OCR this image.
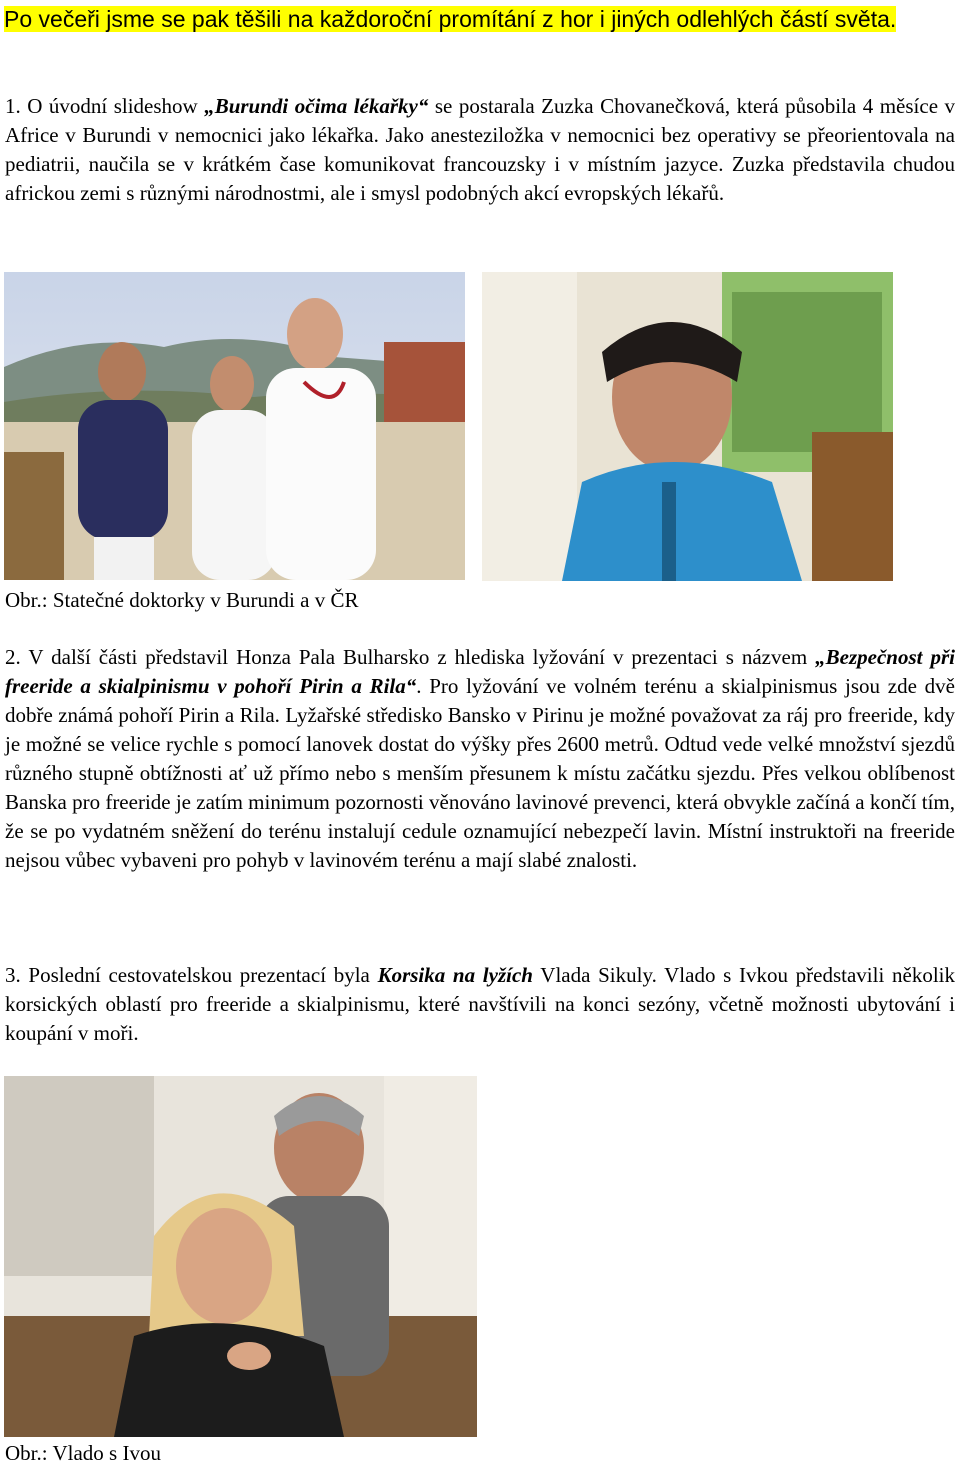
Po večeři jsme se pak těšili na každoroční promítání z hor i jiných odlehlých částí světa.
1. O úvodní slideshow „Burundi očima lékařky“ se postarala Zuzka Chovanečková, která působila 4 měsíce v Africe v Burundi v nemocnici jako lékařka. Jako anesteziložka v nemocnici bez operativy se přeorientovala na pediatrii, naučila se v krátkém čase komunikovat francouzsky i v místním jazyce. Zuzka představila chudou africkou zemi s různými národnostmi, ale i smysl podobných akcí evropských lékařů.
Obr.: Statečné doktorky v Burundi a v ČR
2. V další části představil Honza Pala Bulharsko z hlediska lyžování v prezentaci s názvem „Bezpečnost při freeride a skialpinismu v pohoří Pirin a Rila“. Pro lyžování ve volném terénu a skialpinismus jsou zde dvě dobře známá pohoří Pirin a Rila. Lyžařské středisko Bansko v Pirinu je možné považovat za ráj pro freeride, kdy je možné se velice rychle s pomocí lanovek dostat do výšky přes 2600 metrů. Odtud vede velké množství sjezdů různého stupně obtížnosti ať už přímo nebo s menším přesunem k místu začátku sjezdu. Přes velkou oblíbenost Banska pro freeride je zatím minimum pozornosti věnováno lavinové prevenci, která obvykle začíná a končí tím, že se po vydatném sněžení do terénu instalují cedule oznamující nebezpečí lavin. Místní instruktoři na freeride nejsou vůbec vybaveni pro pohyb v lavinovém terénu a mají slabé znalosti.
3. Poslední cestovatelskou prezentací byla Korsika na lyžích Vlada Sikuly. Vlado s Ivkou představili několik korsických oblastí pro freeride a skialpinismu, které navštívili na konci sezóny, včetně možnosti ubytování i koupání v moři.
Obr.: Vlado s Ivou
